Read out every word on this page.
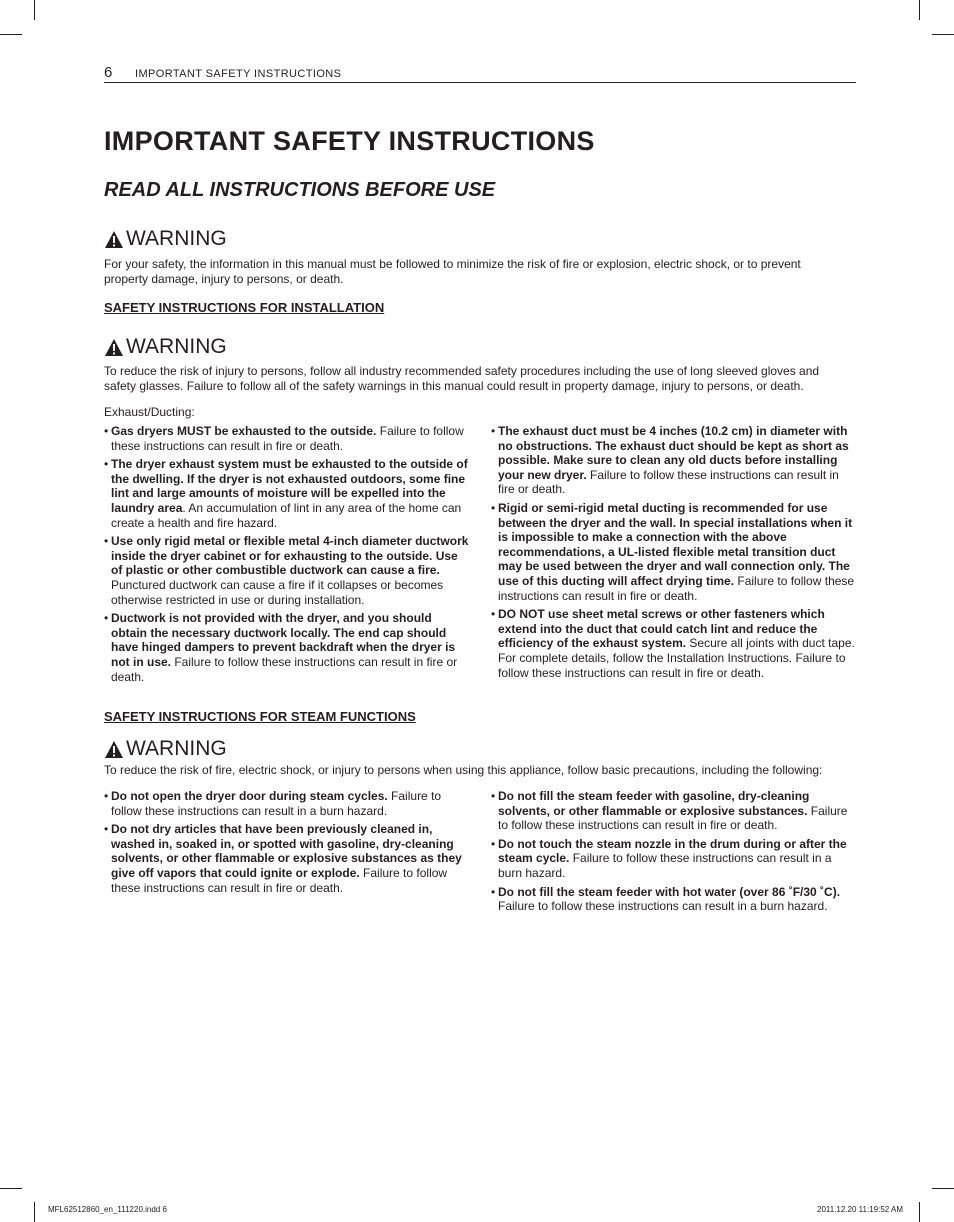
6 IMPORTANT SAFETY INSTRUCTIONS
IMPORTANT SAFETY INSTRUCTIONS
READ ALL INSTRUCTIONS BEFORE USE
WARNING

For your safety, the information in this manual must be followed to minimize the risk of fire or explosion, electric shock, or to prevent property damage, injury to persons, or death.

SAFETY INSTRUCTIONS FOR INSTALLATION
WARNING

To reduce the risk of injury to persons, follow all industry recommended safety procedures including the use of long sleeved gloves and safety glasses. Failure to follow all of the safety warnings in this manual could result in property damage, injury to persons, or death.

Exhaust/Ducting:

• Gas dryers MUST be exhausted to the outside. Failure to follow these instructions can result in fire or death.

• The dryer exhaust system must be exhausted to the outside of the dwelling. If the dryer is not exhausted outdoors, some fine lint and large amounts of moisture will be expelled into the laundry area. An accumulation of lint in any area of the home can create a health and fire hazard.

• Use only rigid metal or flexible metal 4-inch diameter ductwork inside the dryer cabinet or for exhausting to the outside. Use of plastic or other combustible ductwork can cause a fire. Punctured ductwork can cause a fire if it collapses or becomes otherwise restricted in use or during installation.

• Ductwork is not provided with the dryer, and you should obtain the necessary ductwork locally. The end cap should have hinged dampers to prevent backdraft when the dryer is not in use. Failure to follow these instructions can result in fire or death.

• The exhaust duct must be 4 inches (10.2 cm) in diameter with no obstructions. The exhaust duct should be kept as short as possible. Make sure to clean any old ducts before installing your new dryer. Failure to follow these instructions can result in fire or death.

• Rigid or semi-rigid metal ducting is recommended for use between the dryer and the wall. In special installations when it is impossible to make a connection with the above recommendations, a UL-listed flexible metal transition duct may be used between the dryer and wall connection only. The use of this ducting will affect drying time. Failure to follow these instructions can result in fire or death.

• DO NOT use sheet metal screws or other fasteners which extend into the duct that could catch lint and reduce the efficiency of the exhaust system. Secure all joints with duct tape. For complete details, follow the Installation Instructions. Failure to follow these instructions can result in fire or death.

SAFETY INSTRUCTIONS FOR STEAM FUNCTIONS
WARNING

To reduce the risk of fire, electric shock, or injury to persons when using this appliance, follow basic precautions, including the following:

• Do not open the dryer door during steam cycles. Failure to follow these instructions can result in a burn hazard.

• Do not dry articles that have been previously cleaned in, washed in, soaked in, or spotted with gasoline, dry-cleaning solvents, or other flammable or explosive substances as they give off vapors that could ignite or explode. Failure to follow these instructions can result in fire or death.

• Do not fill the steam feeder with gasoline, dry-cleaning solvents, or other flammable or explosive substances. Failure to follow these instructions can result in fire or death.

• Do not touch the steam nozzle in the drum during or after the steam cycle. Failure to follow these instructions can result in a burn hazard.

• Do not fill the steam feeder with hot water (over 86 ˚F/30 ˚C). Failure to follow these instructions can result in a burn hazard.

MFL62512860_en_111220.indd 6	2011.12.20 11:19:52 AM
